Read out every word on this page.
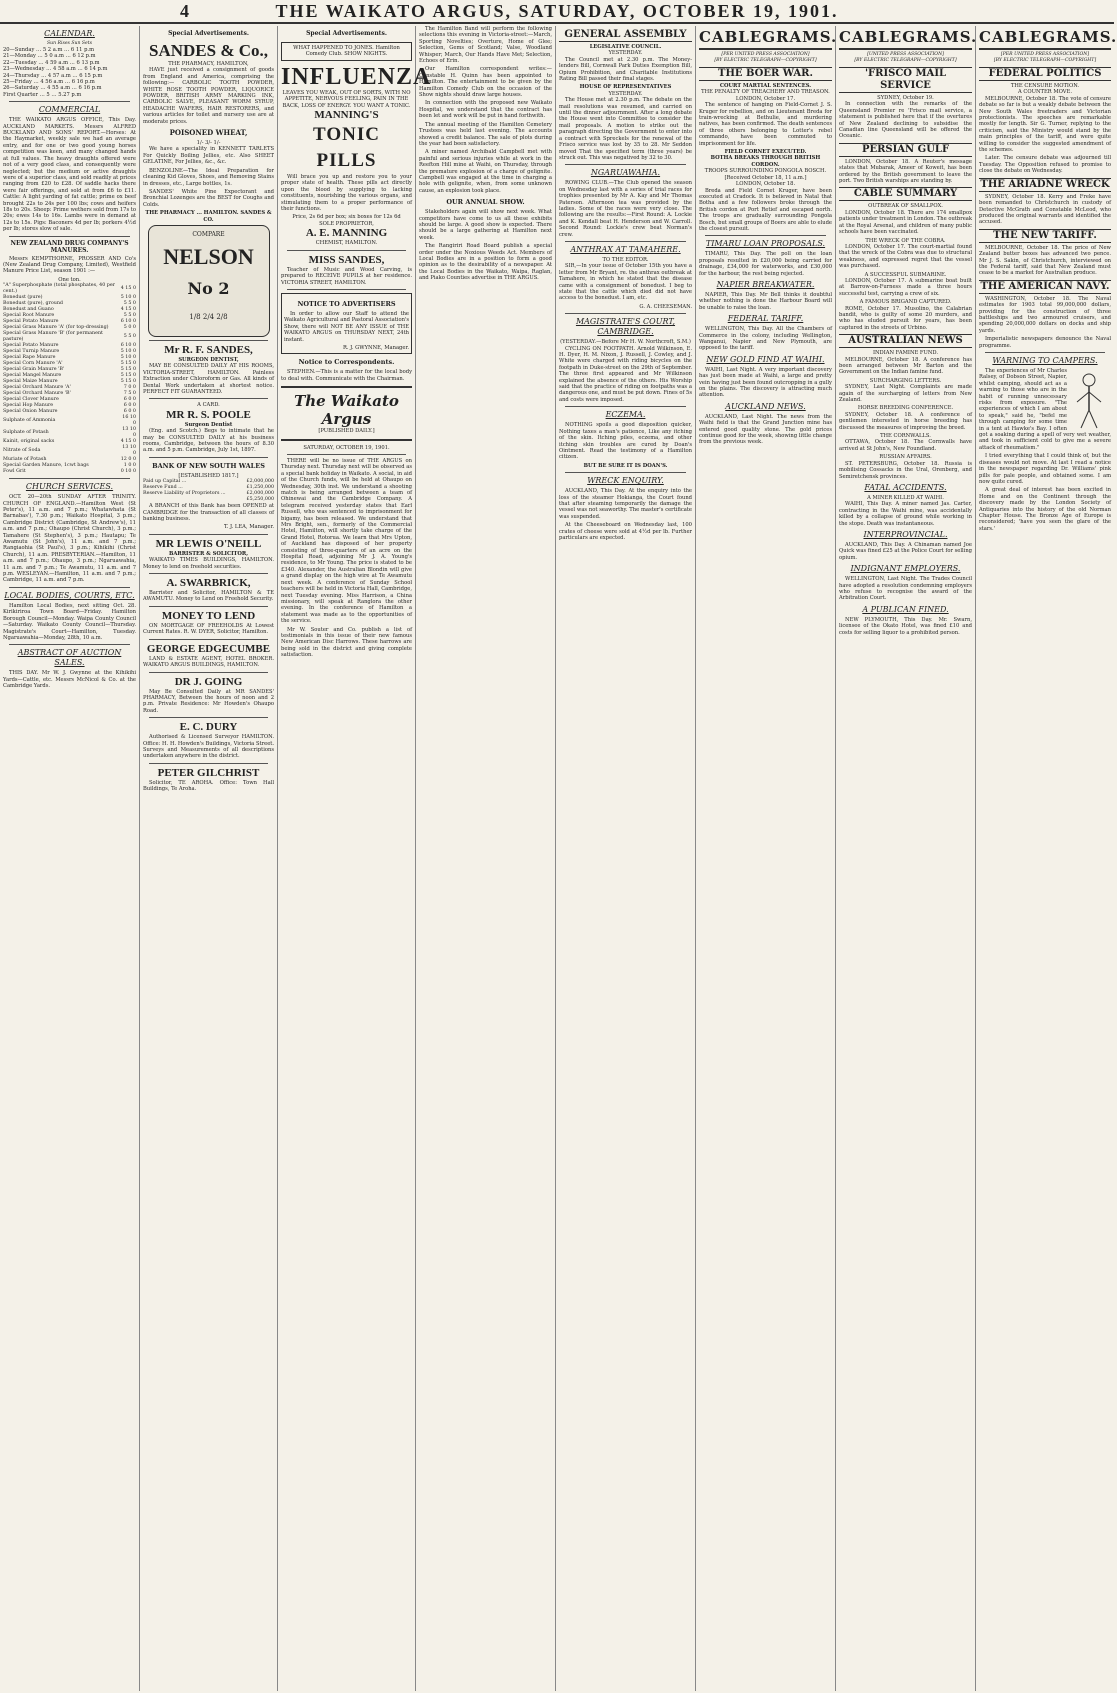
4	THE WAIKATO ARGUS, SATURDAY, OCTOBER 19, 1901.
CALENDAR.
Sun Rises Sun Sets
20—Sunday … 5 2 a.m … 6 11 p.m
21—Monday … 5 0 a.m … 6 12 p.m
22—Tuesday … 4 59 a.m … 6 13 p.m
23—Wednesday … 4 58 a.m … 6 14 p.m
24—Thursday … 4 57 a.m … 6 15 p.m
25—Friday … 4 56 a.m … 6 16 p.m
26—Saturday … 4 55 a.m … 6 16 p.m
First Quarter … 5 … 5.27 p.m
COMMERCIAL

THE WAIKATO ARGUS OFFICE, This Day. AUCKLAND MARKETS. Messrs ALFRED BUCKLAND AND SONS' REPORT.—Horses: At the Haymarket, weekly sale we had an average entry, and for one or two good young horses competition was keen, and many changed hands at full values. The heavy draughts offered were not of a very good class, and consequently were neglected; but the medium or active draughts were of a superior class, and sold readily at prices ranging from £20 to £28. Of saddle hacks there were fair offerings, and sold at from £6 to £11. Cattle: A light yarding of fat cattle; prime ox beef brought 22s to 24s per 100 lbs; cows and heifers 18s to 20s. Sheep: Prime wethers sold from 17s to 20s; ewes 14s to 16s. Lambs were in demand at 12s to 15s. Pigs: Baconers 4d per lb; porkers 4½d per lb; stores slow of sale.

NEW ZEALAND DRUG COMPANY'S MANURES.

Messrs KEMPTHORNE, PROSSER AND Co's (New Zealand Drug Company, Limited), Westfield Manure Price List, season 1901 :—

One ton.
"A" Superphosphate (total phosphates, 40 per cent.)	4 15 0
Bonedust (pure)	5 10 0
Bonedust (pure), ground	5 5 0
Bonedust and Guano	4 15 0
Special Root Manure	5 5 0
Special Potato Manure	6 10 0
Special Grass Manure 'A' (for top-dressing)	5 0 0
Special Grass Manure 'B' (for permanent pasture)	5 5 0
Special Potato Manure	6 10 0
Special Turnip Manure	5 10 0
Special Rape Manure	5 10 0
Special Corn Manure 'A'	5 15 0
Special Grain Manure 'B'	5 15 0
Special Mangel Manure	5 15 0
Special Maize Manure	5 15 0
Special Orchard Manure 'A'	7 0 0
Special Orchard Manure 'B'	7 5 0
Special Clover Manure	6 0 0
Special Hop Manure	6 0 0
Special Onion Manure	6 0 0
Sulphate of Ammonia	16 10 0
Sulphate of Potash	13 10 0
Kainit, original sacks	4 15 0
Nitrate of Soda	13 10 0
Muriate of Potash	12 0 0
Special Garden Manure, 1cwt bags	1 0 0
Fowl Grit	0 10 0
CHURCH SERVICES.

OCT. 20—20th SUNDAY AFTER TRINITY. CHURCH OF ENGLAND.—Hamilton West (St Peter's), 11 a.m. and 7 p.m.; Whatawhata (St Barnabas'), 7.30 p.m.; Waikato Hospital, 3 p.m.; Cambridge District (Cambridge, St Andrew's), 11 a.m. and 7 p.m.; Ohaupo (Christ Church), 3 p.m.; Tamahere (St Stephen's), 3 p.m.; Hautapu; Te Awamutu (St John's), 11 a.m. and 7 p.m.; Rangiaohia (St Paul's), 3 p.m.; Kihikihi (Christ Church), 11 a.m. PRESBYTERIAN.—Hamilton, 11 a.m. and 7 p.m.; Ohaupo, 3 p.m.; Ngaruawahia, 11 a.m. and 7 p.m.; Te Awamutu, 11 a.m. and 7 p.m. WESLEYAN.—Hamilton, 11 a.m. and 7 p.m.; Cambridge, 11 a.m. and 7 p.m.

LOCAL BODIES, COURTS, ETC.

Hamilton Local Bodies, next sitting Oct. 28. Kirikiriroa Town Board—Friday. Hamilton Borough Council—Monday. Waipa County Council—Saturday. Waikato County Council—Thursday. Magistrate's Court—Hamilton, Tuesday. Ngaruawahia—Monday, 28th, 10 a.m.

ABSTRACT OF AUCTION SALES.

THIS DAY. Mr W. J. Gwynne at the Kihikihi Yards—Cattle, etc. Messrs McNicol & Co. at the Cambridge Yards.

Special Advertisements.
SANDES & Co.,
THE PHARMACY, HAMILTON,

HAVE just received a consignment of goods from England and America, comprising the following:— CARBOLIC TOOTH POWDER, WHITE ROSE TOOTH POWDER, LIQUORICE POWDER, BRITISH ARMY MARKING INK, CARBOLIC SALVE, PLEASANT WORM SYRUP, HEADACHE WAFERS, HAIR RESTORERS, and various articles for toilet and nursery use are at moderate prices.

POISONED WHEAT,
1/- 3/- 1/-

We have a speciality in KENNETT TARLETS For Quickly Boiling Jellies, etc. Also SHEET GELATINE, For Jellies, &c., &c.

BENZOLINE—The Ideal Preparation for cleaning Kid Gloves, Shoes, and Removing Stains in dresses, etc., Large bottles, 1s.

SANDES' White Pine Expectorant and Bronchial Lozenges are the BEST for Coughs and Colds.

THE PHARMACY ... HAMILTON. SANDES & CO.
COMPARE
NELSON
No 2
1/8 2/4 2/8
Mr R. F. SANDES,
SURGEON DENTIST,

MAY BE CONSULTED DAILY AT HIS ROOMS, VICTORIA-STREET, HAMILTON. Painless Extraction under Chloroform or Gas. All kinds of Dental Work undertaken at shortest notice. PERFECT FIT GUARANTEED.

A CARD.
MR R. S. POOLE
Surgeon Dentist

(Eng. and Scotch.) Begs to intimate that he may be CONSULTED DAILY at his business rooms, Cambridge, between the hours of 8.30 a.m. and 5 p.m. Cambridge, July 1st, 1897.

BANK OF NEW SOUTH WALES
[ESTABLISHED 1817.]
Paid up Capital ...	£2,000,000
Reserve Fund ...	£1,250,000
Reserve Liability of Proprietors ...	£2,000,000
	£5,250,000

A BRANCH of this Bank has been OPENED at CAMBRIDGE for the transaction of all classes of banking business.

T. J. LEA, Manager.
MR LEWIS O'NEILL
BARRISTER & SOLICITOR,

WAIKATO TIMES BUILDINGS, HAMILTON. Money to lend on freehold securities.

A. SWARBRICK,

Barrister and Solicitor, HAMILTON & TE AWAMUTU. Money to Lend on Freehold Security.

MONEY TO LEND

ON MORTGAGE OF FREEHOLDS At Lowest Current Rates. R. W. DYER, Solicitor, Hamilton.

GEORGE EDGECUMBE

LAND & ESTATE AGENT, HOTEL BROKER. WAIKATO ARGUS BUILDINGS, HAMILTON.

DR J. GOING

May Be Consulted Daily at MR SANDES' PHARMACY, Between the hours of noon and 2 p.m. Private Residence: Mr Howden's Ohaupo Road.

E. C. DURY

Authorised & Licensed Surveyor HAMILTON. Office: H. H. Howden's Buildings, Victoria Street. Surveys and Measurements of all descriptions undertaken anywhere in the district.

PETER GILCHRIST

Solicitor, TE AROHA. Office: Town Hall Buildings, Te Aroha.

Special Advertisements.
WHAT HAPPENED TO JONES. Hamilton Comedy Club. SHOW NIGHTS.
INFLUENZA
LEAVES YOU WEAK, OUT OF SORTS, WITH NO APPETITE, NERVOUS FEELING, PAIN IN THE BACK, LOSS OF ENERGY. YOU WANT A TONIC.
MANNING'S
TONIC PILLS

Will brace you up and restore you to your proper state of health. These pills act directly upon the blood by supplying to lacking constituents, nourishing the various organs, and stimulating them to a proper performance of their functions.

Price, 2s 6d per box; six boxes for 12s 6d
SOLE PROPRIETOR,
A. E. MANNING
CHEMIST, HAMILTON.
MISS SANDES,

Teacher of Music and Wood Carving, is prepared to RECEIVE PUPILS at her residence. VICTORIA STREET, HAMILTON.

NOTICE TO ADVERTISERS

In order to allow our Staff to attend the Waikato Agricultural and Pastoral Association's Show, there will NOT BE ANY ISSUE of THE WAIKATO ARGUS on THURSDAY NEXT, 24th instant.

R. J. GWYNNE, Manager.
Notice to Correspondents.

STEPHEN.—This is a matter for the local body to deal with. Communicate with the Chairman.

The Waikato Argus
[PUBLISHED DAILY.]
SATURDAY, OCTOBER 19, 1901.

THERE will be no issue of THE ARGUS on Thursday next. Thursday next will be observed as a special bank holiday in Waikato. A social, in aid of the Church funds, will be held at Ohaupo on Wednesday, 30th inst. We understand a shooting match is being arranged between a team of Ohinewai and the Cambridge Company. A telegram received yesterday states that Earl Russell, who was sentenced to imprisonment for bigamy, has been released. We understand that Mrs Bright, sen., formerly of the Commercial Hotel, Hamilton, will shortly take charge of the Grand Hotel, Rotorua. We learn that Mrs Upton, of Auckland has disposed of her property consisting of three-quarters of an acre on the Hospital Road, adjoining Mr J. A. Young's residence, to Mr Young. The price is stated to be £340. Alexander, the Australian Blondin will give a grand display on the high wire at Te Awamutu next week. A conference of Sunday School teachers will be held in Victoria Hall, Cambridge, next Tuesday evening. Miss Harrison, a China missionary, will speak at Ranglora the other evening. In the conference of Hamilton a statement was made as to the opportunities of the service.

Mr W. Souter and Co. publish a list of testimonials in this issue of their new famous New American Disc Harrows. These harrows are being sold in the district and giving complete satisfaction.

The Hamilton Band will perform the following selections this evening in Victoria-street:—March, Sporting Novelties; Overture, Home of Glee; Selection, Gems of Scotland; Valse, Woodland Whisper; March, Our Hands Have Met; Selection, Echoes of Erin.

Our Hamilton correspondent writes:—Constable H. Quinn has been appointed to Hamilton. The entertainment to be given by the Hamilton Comedy Club on the occasion of the Show nights should draw large houses.

In connection with the proposed new Waikato Hospital, we understand that the contract has been let and work will be put in hand forthwith.

The annual meeting of the Hamilton Cemetery Trustees was held last evening. The accounts showed a credit balance. The sale of plots during the year had been satisfactory.

A miner named Archibald Campbell met with painful and serious injuries while at work in the Reefton Hill mine at Waihi, on Thursday, through the premature explosion of a charge of gelignite. Campbell was engaged at the time in charging a hole with gelignite, when, from some unknown cause, an explosion took place.

OUR ANNUAL SHOW.

Stakeholders again will show next week. What competitors have come to us all these exhibits should be large. A good show is expected. There should be a large gathering at Hamilton next week.

The Rangiriri Road Board publish a special order under the Noxious Weeds Act. Members of Local Bodies are in a position to form a good opinion as to the desirability of a newspaper. At the Local Bodies in the Waikato, Waipa, Raglan, and Piako Counties advertise in THE ARGUS.

GENERAL ASSEMBLY
LEGISLATIVE COUNCIL.
YESTERDAY.

The Council met at 2.30 p.m. The Money-lenders Bill, Cornwall Park Duties Exemption Bill, Opium Prohibition, and Charitable Institutions Rating Bill passed their final stages.

HOUSE OF REPRESENTATIVES
YESTERDAY.

The House met at 2.30 p.m. The debate on the mail resolutions was resumed, and carried on until the dinner adjournment. After a long debate the House went into Committee to consider the mail proposals. A motion to strike out the paragraph directing the Government to enter into a contract with Spreckels for the renewal of the Frisco service was lost by 35 to 28. Mr Seddon moved That the specified term (three years) be struck out. This was negatived by 32 to 30.

NGARUAWAHIA.

ROWING CLUB.—The Club opened the season on Wednesday last with a series of trial races for trophies presented by Mr A. Kay and Mr Thomas Paterson. Afternoon tea was provided by the ladies. Some of the races were very close. The following are the results:—First Round: A. Lockie and K. Kendall beat H. Henderson and W. Carroll. Second Round: Lockie's crew beat Norman's crew.

ANTHRAX AT TAMAHERE.
TO THE EDITOR.

SIR,—In your issue of October 15th you have a letter from Mr Bryant, re. the anthrax outbreak at Tamahere, in which he stated that the disease came with a consignment of bonedust. I beg to state that the cattle which died did not have access to the bonedust. I am, etc.

G. A. CHEESEMAN.
MAGISTRATE'S COURT, CAMBRIDGE.
(YESTERDAY.—Before Mr H. W. Northcroft, S.M.)

CYCLING ON FOOTPATH. Arnold Wilkinson, E. H. Dyer, H. M. Nixon, J. Russell, J. Cowley, and J. White were charged with riding bicycles on the footpath in Duke-street on the 29th of September. The three first appeared and Mr Wilkinson explained the absence of the others. His Worship said that the practice of riding on footpaths was a dangerous one, and must be put down. Fines of 5s and costs were imposed.

ECZEMA.

NOTHING spoils a good disposition quicker, Nothing taxes a man's patience, Like any itching of the skin. Itching piles, eczema, and other itching skin troubles are cured by Doan's Ointment. Read the testimony of a Hamilton citizen.

BUT BE SURE IT IS DOAN'S.
WRECK ENQUIRY.

AUCKLAND, This Day. At the enquiry into the loss of the steamer Hokianga, the Court found that after steaming temporarily the damage the vessel was not seaworthy. The master's certificate was suspended.

At the Cheeseboard on Wednesday last, 100 crates of cheese were sold at 4½d per lb. Further particulars are expected.

CABLEGRAMS.
[PER UNITED PRESS ASSOCIATION]
[BY ELECTRIC TELEGRAPH—COPYRIGHT]
THE BOER WAR.
COURT MARTIAL SENTENCES.
THE PENALTY OF TREACHERY AND TREASON.
LONDON, October 17.

The sentence of hanging on Field-Cornet J. S. Kruger for rebellion, and on Lieutenant Breda for train-wrecking at Bethulie, and murdering natives, has been confirmed. The death sentences of three others belonging to Lotter's rebel commando, have been commuted to imprisonment for life.

FIELD CORNET EXECUTED.
BOTHA BREAKS THROUGH BRITISH CORDON.
TROOPS SURROUNDING PONGOLA BOSCH.
[Received October 18, 11 a.m.]
LONDON, October 18.

Breda and Field Cornet Kruger, have been executed at Cradock. It is believed in Natal that Botha and a few followers broke through the British cordon at Port Retief and escaped north. The troops are gradually surrounding Pongola Bosch, but small groups of Boers are able to elude the closest pursuit.

TIMARU LOAN PROPOSALS.

TIMARU, This Day. The poll on the loan proposals resulted in £20,000 being carried for drainage, £34,000 for waterworks, and £30,000 for the harbour, the rest being rejected.

NAPIER BREAKWATER.

NAPIER, This Day. Mr Bell thinks it doubtful whether nothing is done the Harbour Board will be unable to raise the loan.

FEDERAL TARIFF.

WELLINGTON, This Day. All the Chambers of Commerce in the colony, including Wellington, Wanganui, Napier and New Plymouth, are opposed to the tariff.

NEW GOLD FIND AT WAIHI.

WAIHI, Last Night. A very important discovery has just been made at Waihi, a large and pretty vein having just been found outcropping in a gully on the plains. The discovery is attracting much attention.

AUCKLAND NEWS.

AUCKLAND, Last Night. The news from the Waihi field is that the Grand Junction mine has entered good quality stone. The gold prices continue good for the week, showing little change from the previous week.

CABLEGRAMS.
[UNITED PRESS ASSOCIATION]
[BY ELECTRIC TELEGRAPH—COPYRIGHT]
'FRISCO MAIL SERVICE
SYDNEY, October 19.

In connection with the remarks of the Queensland Premier re 'Frisco mail service, a statement is published here that if the overtures of New Zealand declining to subsidise the Canadian line Queensland will be offered the Oceanic.

PERSIAN GULF

LONDON, October 18. A Reuter's message states that Mubarak, Ameer of Koweit, has been ordered by the British government to leave the port. Two British warships are standing by.

CABLE SUMMARY
OUTBREAK OF SMALLPOX.

LONDON, October 18. There are 174 smallpox patients under treatment in London. The outbreak at the Royal Arsenal, and children of many public schools have been vaccinated.

THE WRECK OF THE COBRA.

LONDON, October 17. The court-martial found that the wreck of the Cobra was due to structural weakness, and expressed regret that the vessel was purchased.

A SUCCESSFUL SUBMARINE.

LONDON, October 17. A submarine boat built at Barrow-on-Furness made a three hours successful test, carrying a crew of six.

A FAMOUS BRIGAND CAPTURED.

ROME, October 17. Musolino, the Calabrian bandit, who is guilty of some 20 murders, and who has eluded pursuit for years, has been captured in the streets of Urbino.

AUSTRALIAN NEWS
INDIAN FAMINE FUND.

MELBOURNE, October 18. A conference has been arranged between Mr Barton and the Government on the Indian famine fund.

SURCHARGING LETTERS.

SYDNEY, Last Night. Complaints are made again of the surcharging of letters from New Zealand.

HORSE BREEDING CONFERENCE.

SYDNEY, October 18. A conference of gentlemen interested in horse breeding has discussed the measures of improving the breed.

THE CORNWALLS.

OTTAWA, October 18. The Cornwalls have arrived at St John's, New Foundland.

RUSSIAN AFFAIRS.

ST. PETERSBURG, October 18. Russia is mobilising Cossacks in the Ural, Orenberg, and Semiretchensk provinces.

FATAL ACCIDENTS.
A MINER KILLED AT WAIHI.

WAIHI, This Day. A miner named Jas. Carter, contracting in the Waihi mine, was accidentally killed by a collapse of ground while working in the stope. Death was instantaneous.

INTERPROVINCIAL.

AUCKLAND, This Day. A Chinaman named Joe Quick was fined £25 at the Police Court for selling opium.

INDIGNANT EMPLOYERS.

WELLINGTON, Last Night. The Trades Council have adopted a resolution condemning employers who refuse to recognise the award of the Arbitration Court.

A PUBLICAN FINED.

NEW PLYMOUTH, This Day. Mr. Swarn, licensee of the Okato Hotel, was fined £10 and costs for selling liquor to a prohibited person.

CABLEGRAMS.
[PER UNITED PRESS ASSOCIATION]
[BY ELECTRIC TELEGRAPH—COPYRIGHT]
FEDERAL POLITICS
THE CENSURE MOTION.
A COUNTER MOVE.

MELBOURNE, October 18. The vote of censure debate so far is but a weakly debate between the New South Wales freetraders and Victorian protectionists. The speeches are remarkable mostly for length. Sir G. Turner, replying to the criticism, said the Ministry would stand by the main principles of the tariff, and were quite willing to consider the suggested amendment of the schemes.

Later. The censure debate was adjourned till Tuesday. The Opposition refused to promise to close the debate on Wednesday.

THE ARIADNE WRECK

SYDNEY, October 18. Kerry and Freke have been remanded to Christchurch in custody of Detective McGrath and Constable McLeod, who produced the original warrants and identified the accused.

THE NEW TARIFF.

MELBOURNE, October 18. The price of New Zealand butter boxes has advanced two pence. Mr J. S. Sakin, of Christchurch, interviewed on the Federal tariff, said that New Zealand must cease to be a market for Australian produce.

THE AMERICAN NAVY.

WASHINGTON, October 18. The Naval estimates for 1903 total 99,000,000 dollars, providing for the construction of three battleships and two armoured cruisers, and spending 20,000,000 dollars on docks and ship yards.

Imperialistic newspapers denounce the Naval programme.

WARNING TO CAMPERS.

The experiences of Mr Charles Ralsey, of Dobson Street, Napier, whilst camping, should act as a warning to those who are in the habit of running unnecessary risks from exposure. "The experiences of which I am about to speak," said he, "befel me through camping for some time in a tent at Hawke's Bay. I often got a soaking during a spell of very wet weather, and took in sufficient cold to give me a severe attack of rheumatism."

I tried everything that I could think of, but the diseases would not move. At last I read a notice in the newspaper regarding Dr. Williams' pink pills for pale people, and obtained some. I am now quite cured.

A great deal of interest has been excited in Home and on the Continent through the discovery made by the London Society of Antiquaries into the history of the old Norman Chapter House. The Bronze Age of Europe is reconsidered; 'have you seen the glare of the stars.'
